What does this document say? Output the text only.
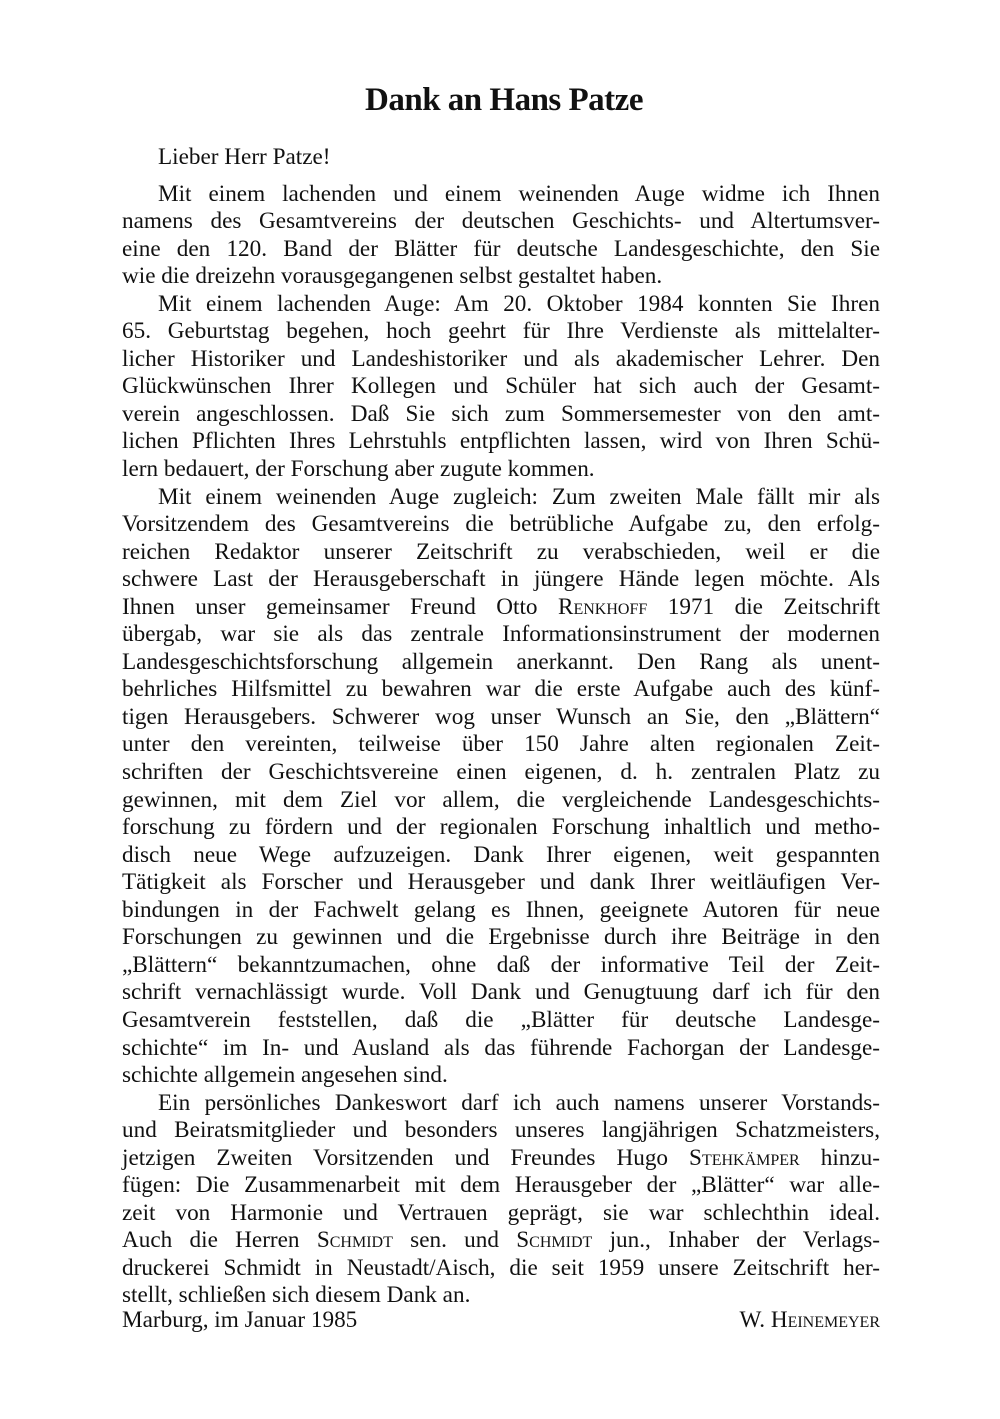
Dank an Hans Patze
Lieber Herr Patze!
Mit einem lachenden und einem weinenden Auge widme ich Ihnen
namens des Gesamtvereins der deutschen Geschichts- und Altertumsver-
eine den 120. Band der Blätter für deutsche Landesgeschichte, den Sie
wie die dreizehn vorausgegangenen selbst gestaltet haben.
Mit einem lachenden Auge: Am 20. Oktober 1984 konnten Sie Ihren
65. Geburtstag begehen, hoch geehrt für Ihre Verdienste als mittelalter-
licher Historiker und Landeshistoriker und als akademischer Lehrer. Den
Glückwünschen Ihrer Kollegen und Schüler hat sich auch der Gesamt-
verein angeschlossen. Daß Sie sich zum Sommersemester von den amt-
lichen Pflichten Ihres Lehrstuhls entpflichten lassen, wird von Ihren Schü-
lern bedauert, der Forschung aber zugute kommen.
Mit einem weinenden Auge zugleich: Zum zweiten Male fällt mir als
Vorsitzendem des Gesamtvereins die betrübliche Aufgabe zu, den erfolg-
reichen Redaktor unserer Zeitschrift zu verabschieden, weil er die
schwere Last der Herausgeberschaft in jüngere Hände legen möchte. Als
Ihnen unser gemeinsamer Freund Otto Renkhoff 1971 die Zeitschrift
übergab, war sie als das zentrale Informationsinstrument der modernen
Landesgeschichtsforschung allgemein anerkannt. Den Rang als unent-
behrliches Hilfsmittel zu bewahren war die erste Aufgabe auch des künf-
tigen Herausgebers. Schwerer wog unser Wunsch an Sie, den „Blättern“
unter den vereinten, teilweise über 150 Jahre alten regionalen Zeit-
schriften der Geschichtsvereine einen eigenen, d. h. zentralen Platz zu
gewinnen, mit dem Ziel vor allem, die vergleichende Landesgeschichts-
forschung zu fördern und der regionalen Forschung inhaltlich und metho-
disch neue Wege aufzuzeigen. Dank Ihrer eigenen, weit gespannten
Tätigkeit als Forscher und Herausgeber und dank Ihrer weitläufigen Ver-
bindungen in der Fachwelt gelang es Ihnen, geeignete Autoren für neue
Forschungen zu gewinnen und die Ergebnisse durch ihre Beiträge in den
„Blättern“ bekanntzumachen, ohne daß der informative Teil der Zeit-
schrift vernachlässigt wurde. Voll Dank und Genugtuung darf ich für den
Gesamtverein feststellen, daß die „Blätter für deutsche Landesge-
schichte“ im In- und Ausland als das führende Fachorgan der Landesge-
schichte allgemein angesehen sind.
Ein persönliches Dankeswort darf ich auch namens unserer Vorstands-
und Beiratsmitglieder und besonders unseres langjährigen Schatzmeisters,
jetzigen Zweiten Vorsitzenden und Freundes Hugo Stehkämper hinzu-
fügen: Die Zusammenarbeit mit dem Herausgeber der „Blätter“ war alle-
zeit von Harmonie und Vertrauen geprägt, sie war schlechthin ideal.
Auch die Herren Schmidt sen. und Schmidt jun., Inhaber der Verlags-
druckerei Schmidt in Neustadt/Aisch, die seit 1959 unsere Zeitschrift her-
stellt, schließen sich diesem Dank an.
Marburg, im Januar 1985	W. Heinemeyer
